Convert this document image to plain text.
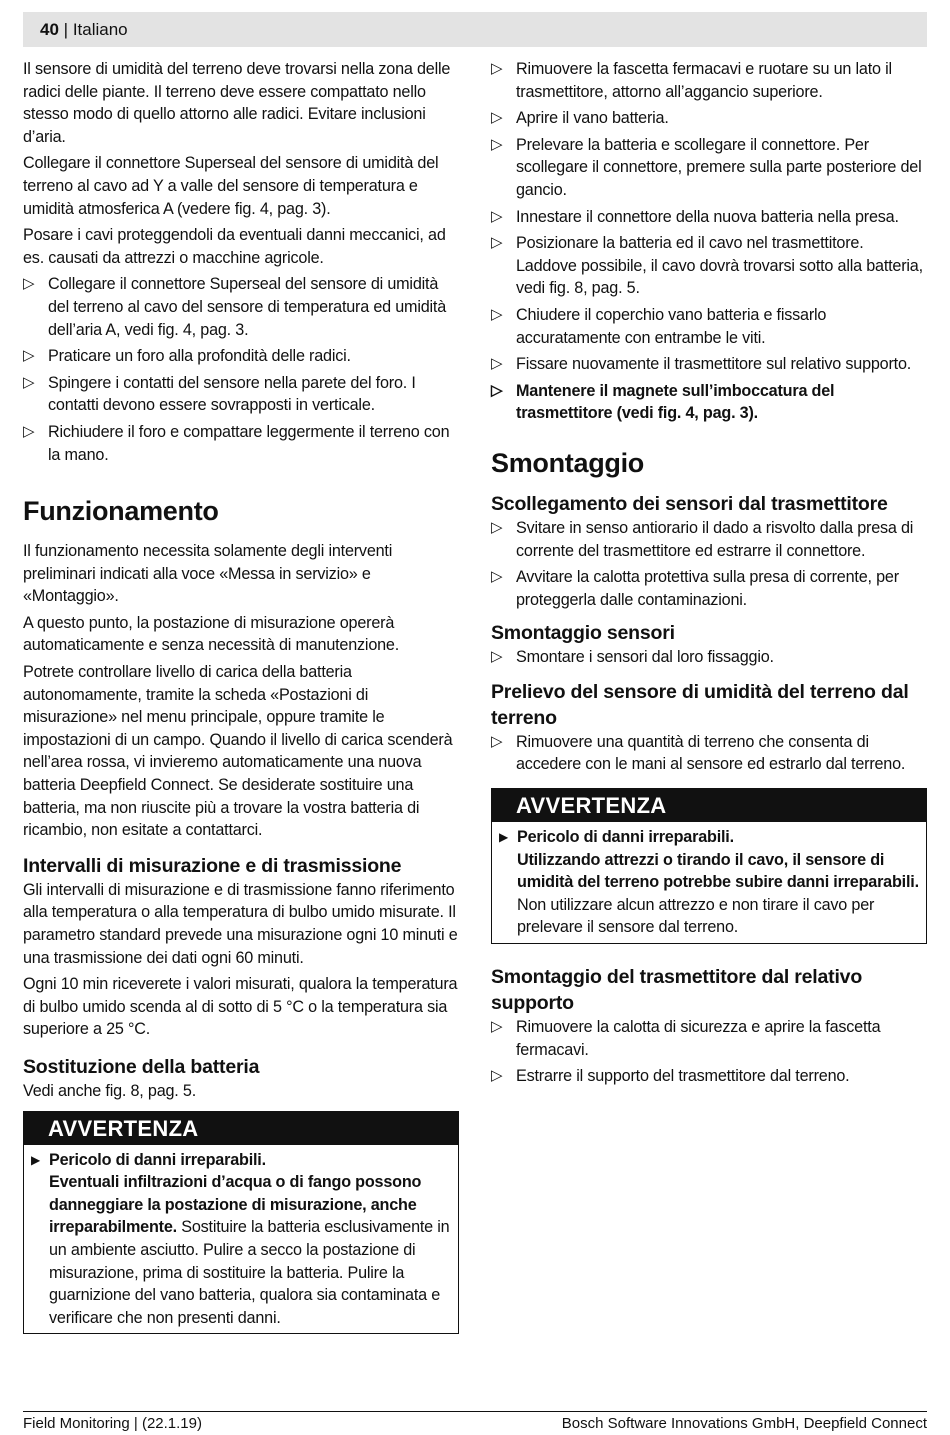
40 | Italiano

Il sensore di umidità del terreno deve trovarsi nella zona delle radici delle piante. Il terreno deve essere compattato nello stesso modo di quello attorno alle radici. Evitare inclusioni d’aria.

Collegare il connettore Superseal del sensore di umidità del terreno al cavo ad Y a valle del sensore di temperatura e umidità atmosferica A (vedere fig. 4, pag. 3).

Posare i cavi proteggendoli da eventuali danni meccanici, ad es. causati da attrezzi o macchine agricole.

▷ Collegare il connettore Superseal del sensore di umidità del terreno al cavo del sensore di temperatura ed umidità dell’aria A, vedi fig. 4, pag. 3.
▷ Praticare un foro alla profondità delle radici.
▷ Spingere i contatti del sensore nella parete del foro. I contatti devono essere sovrapposti in verticale.
▷ Richiudere il foro e compattare leggermente il terreno con la mano.
Funzionamento

Il funzionamento necessita solamente degli interventi preliminari indicati alla voce «Messa in servizio» e «Montaggio».

A questo punto, la postazione di misurazione opererà automaticamente e senza necessità di manutenzione.

Potrete controllare livello di carica della batteria autonomamente, tramite la scheda «Postazioni di misurazione» nel menu principale, oppure tramite le impostazioni di un campo. Quando il livello di carica scenderà nell’area rossa, vi invieremo automaticamente una nuova batteria Deepfield Connect. Se desiderate sostituire una batteria, ma non riuscite più a trovare la vostra batteria di ricambio, non esitate a contattarci.

Intervalli di misurazione e di trasmissione

Gli intervalli di misurazione e di trasmissione fanno riferimento alla temperatura o alla temperatura di bulbo umido misurate. Il parametro standard prevede una misurazione ogni 10 minuti e una trasmissione dei dati ogni 60 minuti.

Ogni 10 min riceverete i valori misurati, qualora la temperatura di bulbo umido scenda al di sotto di 5 °C o la temperatura sia superiore a 25 °C.

Sostituzione della batteria

Vedi anche fig. 8, pag. 5.

AVVERTENZA
▶ Pericolo di danni irreparabili.
Eventuali infiltrazioni d’acqua o di fango possono danneggiare la postazione di misurazione, anche irreparabilmente. Sostituire la batteria esclusivamente in un ambiente asciutto. Pulire a secco la postazione di misurazione, prima di sostituire la batteria. Pulire la guarnizione del vano batteria, qualora sia contaminata e verificare che non presenti danni.
▷ Rimuovere la fascetta fermacavi e ruotare su un lato il trasmettitore, attorno all’aggancio superiore.
▷ Aprire il vano batteria.
▷ Prelevare la batteria e scollegare il connettore. Per scollegare il connettore, premere sulla parte posteriore del gancio.
▷ Innestare il connettore della nuova batteria nella presa.
▷ Posizionare la batteria ed il cavo nel trasmettitore. Laddove possibile, il cavo dovrà trovarsi sotto alla batteria, vedi fig. 8, pag. 5.
▷ Chiudere il coperchio vano batteria e fissarlo accuratamente con entrambe le viti.
▷ Fissare nuovamente il trasmettitore sul relativo supporto.
▷ Mantenere il magnete sull’imboccatura del trasmettitore (vedi fig. 4, pag. 3).
Smontaggio
Scollegamento dei sensori dal trasmettitore
▷ Svitare in senso antiorario il dado a risvolto dalla presa di corrente del trasmettitore ed estrarre il connettore.
▷ Avvitare la calotta protettiva sulla presa di corrente, per proteggerla dalle contaminazioni.
Smontaggio sensori
▷ Smontare i sensori dal loro fissaggio.
Prelievo del sensore di umidità del terreno dal terreno
▷ Rimuovere una quantità di terreno che consenta di accedere con le mani al sensore ed estrarlo dal terreno.
AVVERTENZA
▶ Pericolo di danni irreparabili.
Utilizzando attrezzi o tirando il cavo, il sensore di umidità del terreno potrebbe subire danni irreparabili.
Non utilizzare alcun attrezzo e non tirare il cavo per prelevare il sensore dal terreno.
Smontaggio del trasmettitore dal relativo supporto
▷ Rimuovere la calotta di sicurezza e aprire la fascetta fermacavi.
▷ Estrarre il supporto del trasmettitore dal terreno.
Field Monitoring | (22.1.19)	Bosch Software Innovations GmbH, Deepfield Connect
